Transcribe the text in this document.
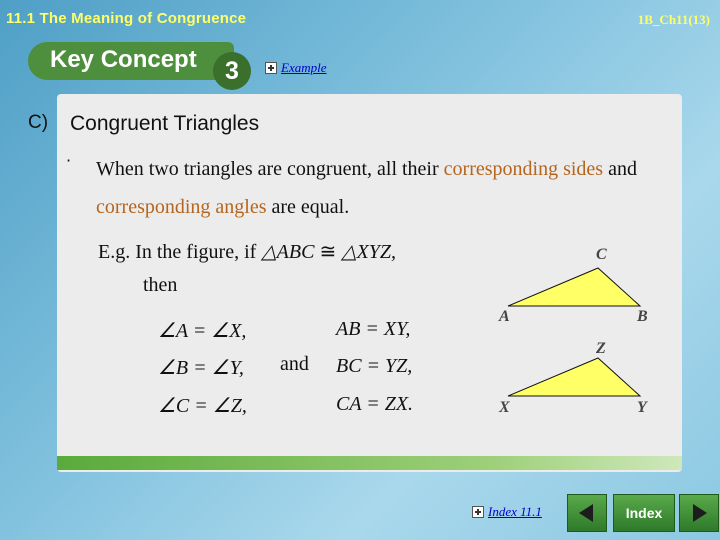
11.1 The Meaning of Congruence	1B_Ch11(13)
Key Concept	3	Example
C) Congruent Triangles
· When two triangles are congruent, all their corresponding sides and corresponding angles are equal.
E.g. In the figure, if △ABC ≅ △XYZ,
then
∠A = ∠X,
∠B = ∠Y,
∠C = ∠Z,
and
AB = XY,
BC = YZ,
CA = ZX.
C
A	B
Z
X	Y
Index 11.1	Index
